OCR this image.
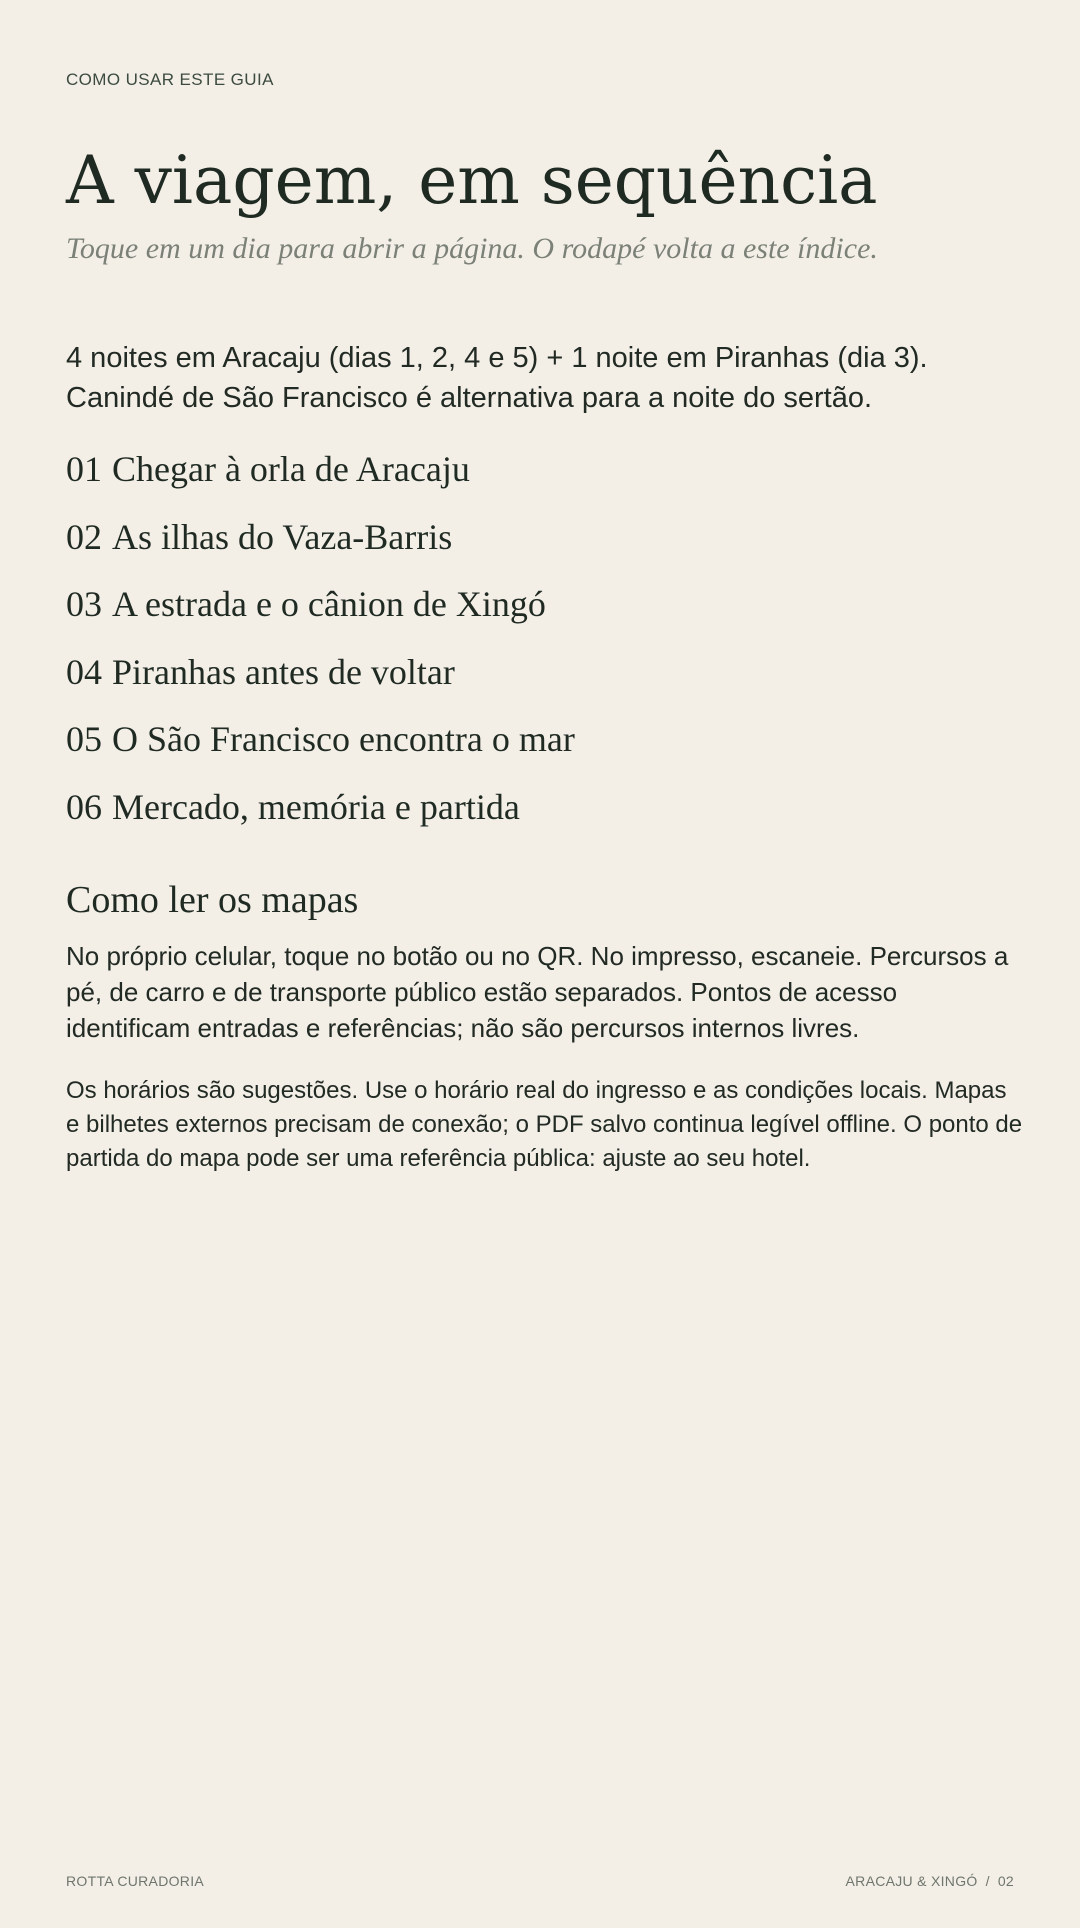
COMO USAR ESTE GUIA
A viagem, em sequência
Toque em um dia para abrir a página. O rodapé volta a este índice.
4 noites em Aracaju (dias 1, 2, 4 e 5) + 1 noite em Piranhas (dia 3).
Canindé de São Francisco é alternativa para a noite do sertão.
01 Chegar à orla de Aracaju
02 As ilhas do Vaza-Barris
03 A estrada e o cânion de Xingó
04 Piranhas antes de voltar
05 O São Francisco encontra o mar
06 Mercado, memória e partida
Como ler os mapas

No próprio celular, toque no botão ou no QR. No impresso, escaneie. Percursos a pé, de carro e de transporte público estão separados. Pontos de acesso identificam entradas e referências; não são percursos internos livres.

Os horários são sugestões. Use o horário real do ingresso e as condições locais. Mapas e bilhetes externos precisam de conexão; o PDF salvo continua legível offline. O ponto de partida do mapa pode ser uma referência pública: ajuste ao seu hotel.

ROTTA CURADORIA	ARACAJU & XINGÓ / 02
